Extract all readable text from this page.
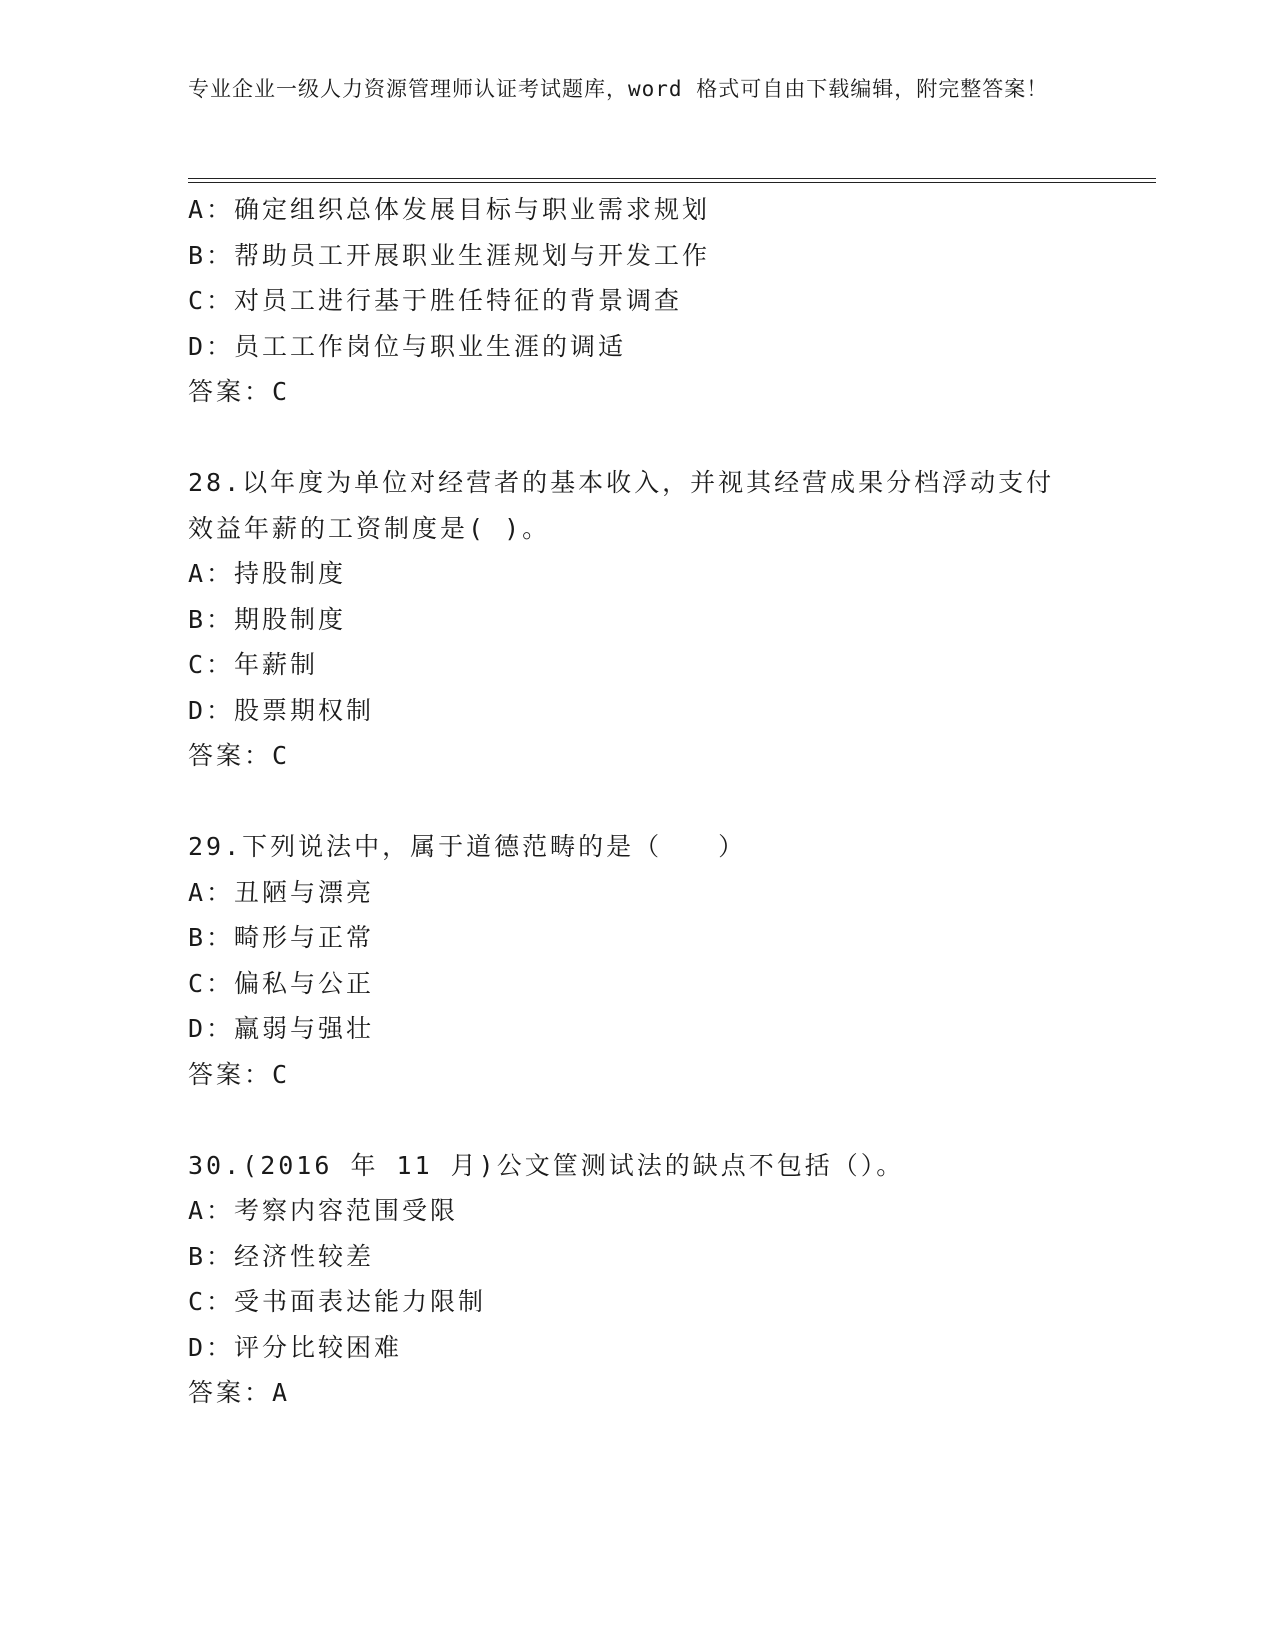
专业企业一级人力资源管理师认证考试题库，word 格式可自由下载编辑，附完整答案！
A：确定组织总体发展目标与职业需求规划
B：帮助员工开展职业生涯规划与开发工作
C：对员工进行基于胜任特征的背景调查
D：员工工作岗位与职业生涯的调适
答案：C
28.以年度为单位对经营者的基本收入，并视其经营成果分档浮动支付
效益年薪的工资制度是( )。
A：持股制度
B：期股制度
C：年薪制
D：股票期权制
答案：C
29.下列说法中，属于道德范畴的是（　　）
A：丑陋与漂亮
B：畸形与正常
C：偏私与公正
D：羸弱与强壮
答案：C
30.(2016 年 11 月)公文筐测试法的缺点不包括（）。
A：考察内容范围受限
B：经济性较差
C：受书面表达能力限制
D：评分比较困难
答案：A
